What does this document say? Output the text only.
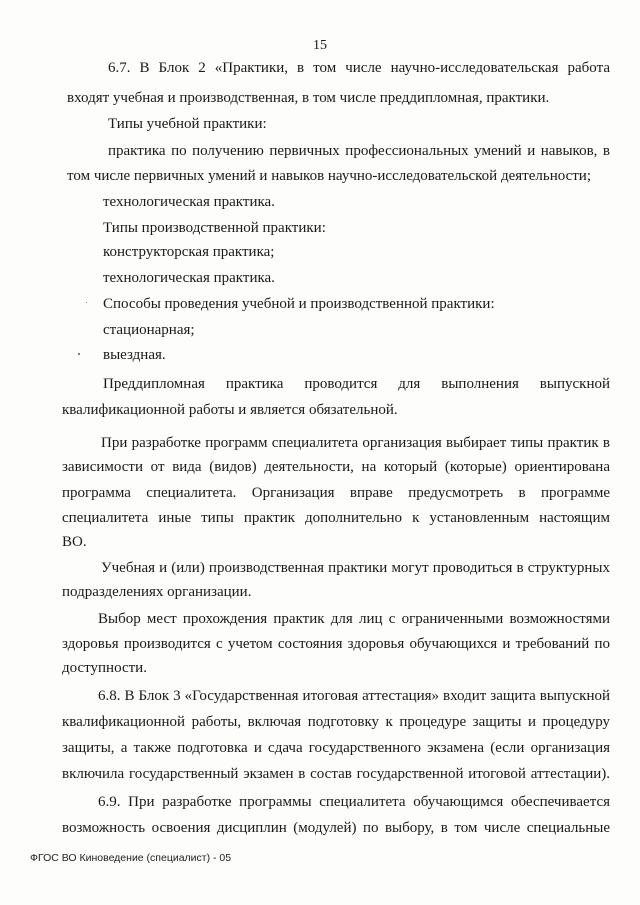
15
6.7. В Блок 2 «Практики, в том числе научно-исследовательская работа
входят учебная и производственная, в том числе преддипломная, практики.
Типы учебной практики:
практика по получению первичных профессиональных умений и навыков, в
том числе первичных умений и навыков научно-исследовательской деятельности;
технологическая практика.
Типы производственной практики:
конструкторская практика;
технологическая практика.
Способы проведения учебной и производственной практики:
стационарная;
выездная.
Преддипломная практика проводится для выполнения выпускной
квалификационной работы и является обязательной.
При разработке программ специалитета организация выбирает типы практик в
зависимости от вида (видов) деятельности, на который (которые) ориентирована
программа специалитета. Организация вправе предусмотреть в программе
специалитета иные типы практик дополнительно к установленным настоящим
ВО.
Учебная и (или) производственная практики могут проводиться в структурных
подразделениях организации.
Выбор мест прохождения практик для лиц с ограниченными возможностями
здоровья производится с учетом состояния здоровья обучающихся и требований по
доступности.
6.8. В Блок 3 «Государственная итоговая аттестация» входит защита выпускной
квалификационной работы, включая подготовку к процедуре защиты и процедуру
защиты, а также подготовка и сдача государственного экзамена (если организация
включила государственный экзамен в состав государственной итоговой аттестации).
6.9. При разработке программы специалитета обучающимся обеспечивается
возможность освоения дисциплин (модулей) по выбору, в том числе специальные
ФГОС ВО Киноведение (специалист) - 05
